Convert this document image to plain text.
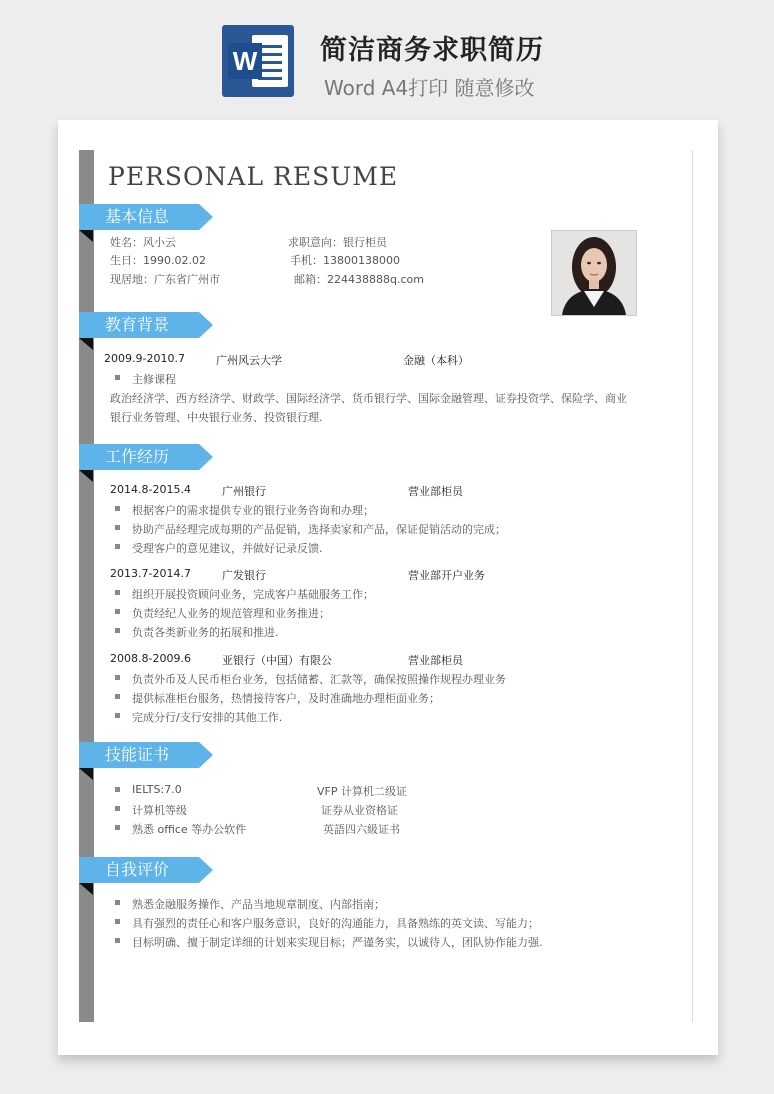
W 简洁商务求职简历
Word A4打印 随意修改
PERSONAL RESUME
基本信息
姓名：风小云	求职意向：银行柜员
生日：1990.02.02	手机：13800138000
现居地：广东省广州市	邮箱：224438888q.com
教育背景
2009.9-2010.7	广州风云大学	金融（本科）
主修课程
政治经济学、西方经济学、财政学、国际经济学、货币银行学、国际金融管理、证券投资学、保险学、商业
银行业务管理、中央银行业务、投资银行理.
工作经历
2014.8-2015.4	广州银行	营业部柜员
根据客户的需求提供专业的银行业务咨询和办理；
协助产品经理完成每期的产品促销，选择卖家和产品，保证促销活动的完成；
受理客户的意见建议，并做好记录反馈.
2013.7-2014.7	广发银行	营业部开户业务
组织开展投资顾问业务，完成客户基础服务工作；
负责经纪人业务的规范管理和业务推进；
负责各类新业务的拓展和推进.
2008.8-2009.6	亚银行（中国）有限公	营业部柜员
负责外币及人民币柜台业务，包括储蓄、汇款等，确保按照操作规程办理业务
提供标准柜台服务，热情接待客户，及时准确地办理柜面业务；
完成分行/支行安排的其他工作.
技能证书
IELTS:7.0	VFP 计算机二级证
计算机等级	证券从业资格证
熟悉 office 等办公软件	英語四六級证书
自我评价
熟悉金融服务操作、产品当地规章制度、内部指南；
具有强烈的责任心和客户服务意识，良好的沟通能力，具备熟练的英文读、写能力；
目标明确、擅于制定详细的计划来实现目标；严谨务实，以诚待人，团队协作能力强.
